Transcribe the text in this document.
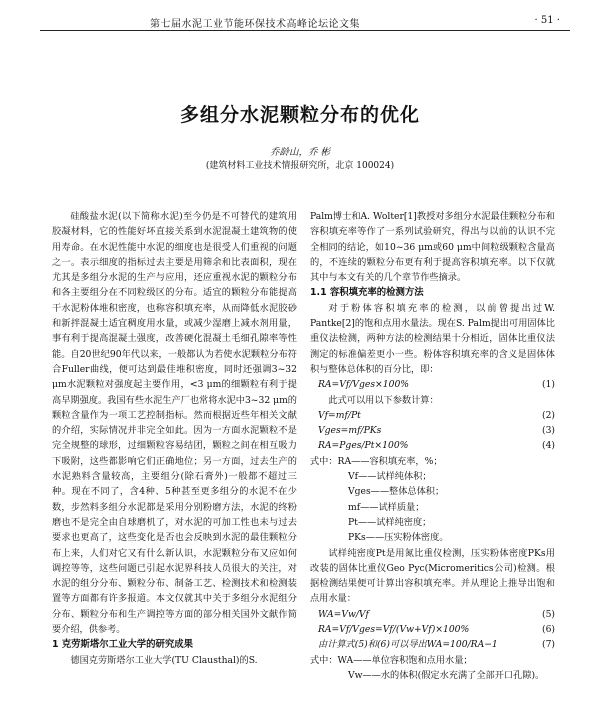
第七届水泥工业节能环保技术高峰论坛论文集	· 51 ·
多组分水泥颗粒分布的优化
乔龄山，乔 彬
(建筑材料工业技术情报研究所，北京 100024)

硅酸盐水泥(以下简称水泥)至今仍是不可替代的建筑用胶凝材料，它的性能好坏直接关系到水泥混凝土建筑物的使用寿命。在水泥性能中水泥的细度也是很受人们重视的问题之一。表示细度的指标过去主要是用筛余和比表面积，现在尤其是多组分水泥的生产与应用，还应重视水泥的颗粒分布和各主要组分在不同粒级区的分布。适宜的颗粒分布能提高干水泥粉体堆积密度，也称容积填充率，从而降低水泥胶砂和新拌混凝土适宜稠度用水量，或减少湿磨上减水剂用量，事有利于提高混凝土强度，改善硬化混凝土毛细孔隙率等性能。自20世纪90年代以来，一般都认为若使水泥颗粒分布符合Fuller曲线，便可达到最佳堆积密度，同时还强调3~32 μm水泥颗粒对强度起主要作用，<3 μm的细颗粒有利于提高早期强度。我国有些水泥生产厂也常将水泥中3~32 μm的颗粒含量作为一项工艺控制指标。然而根据近些年相关文献的介绍，实际情况并非完全如此。因为一方面水泥颗粒不是完全规整的球形，过细颗粒容易结团，颗粒之间在相互吸力下吸附，这些都影响它们正确地位；另一方面，过去生产的水泥熟料含量较高，主要组分(除石膏外)一般都不超过三种。现在不同了，含4种、5种甚至更多组分的水泥不在少数，步然料多组分水泥都是采用分别粉磨方法，水泥的终粉磨也不是完全由自球磨机了，对水泥的可加工性也未与过去要求也更高了，这些变化是否也会反映到水泥的最佳颗粒分布上来，人们对它又有什么新认识，水泥颗粒分布又应如何调控等等，这些问题已引起水泥界科技人员很大的关注，对水泥的组分分布、颗粒分布、制备工艺、检测技术和检测装置等方面都有许多报道。本文仅就其中关于多组分水泥组分分布、颗粒分布和生产调控等方面的部分相关国外文献作简要介绍，供参考。

1 克劳斯塔尔工业大学的研究成果

德国克劳斯塔尔工业大学(TU Clausthal)的S.

Palm博士和A. Wolter[1]教授对多组分水泥最佳颗粒分布和容积填充率等作了一系列试验研究，得出与以前的认识不完全相同的结论，如10~36 μm或60 μm中间粒级颗粒含量高的，不连续的颗粒分布更有利于提高容积填充率。以下仅就其中与本文有关的几个章节作些摘录。

1.1 容积填充率的检测方法

对于粉体容积填充率的检测，以前曾提出过W. Pantke[2]的饱和点用水量法。现在S. Palm提出可用固体比重仪法检测，两种方法的检测结果十分相近，固体比重仪法测定的标准偏差更小一些。粉体容积填充率的含义是固体体积与整体总体积的百分比，即：

RA=Vf/Vges×100%	(1)

此式可以用以下参数计算：

Vf=mf/Pt	(2)
Vges=mf/PKs	(3)
RA=Pges/Pt×100%	(4)
式中：RA——容积填充率，%；
Vf——试样纯体积；
Vges——整体总体积；
mf——试样质量；
Pt——试样纯密度；
PKs——压实粉体密度。

试样纯密度Pt是用氮比重仪检测，压实粉体密度PKs用改装的固体比重仪Geo Pyc(Micromeritics公司)检测。根据检测结果便可计算出容积填充率。并从理论上推导出饱和点用水量：

WA=Vw/Vf	(5)
RA=Vf/Vges=Vf/(Vw+Vf)×100%	(6)
由计算式(5)和(6)可以导出WA=100/RA−1	(7)
式中：WA——单位容积饱和点用水量；
Vw——水的体积(假定水充满了全部开口孔隙)。
